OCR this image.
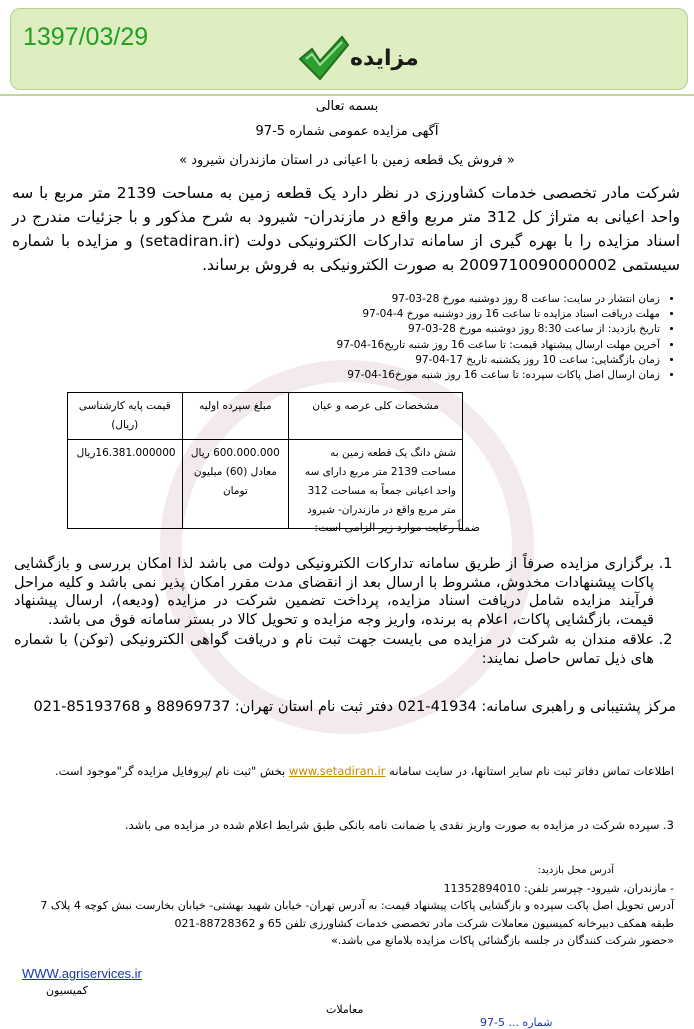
1397/03/29
مزایده
بسمه تعالی
آگهی مزایده عمومی شماره 5-97
« فروش یک قطعه زمین با اعیانی در استان مازندران شیرود »
شرکت مادر تخصصی خدمات کشاورزی در نظر دارد یک قطعه زمین به مساحت 2139 متر مربع با سه واحد اعیانی به متراژ کل 312 متر مربع واقع در مازندران- شیرود به شرح مذکور و با جزئیات مندرج در اسناد مزایده را با بهره گیری از سامانه تدارکات الکترونیکی دولت (setadiran.ir) و مزایده با شماره سیستمی 2009710090000002 به صورت الکترونیکی به فروش برساند.
• زمان انتشار در سایت: ساعت 8 روز دوشنبه مورخ 28-03-97
• مهلت دریافت اسناد مزایده تا ساعت 16 روز دوشنبه مورخ 4-04-97
• تاریخ بازدید: از ساعت 8:30 روز دوشنبه مورخ 28-03-97
• آخرین مهلت ارسال پیشنهاد قیمت: تا ساعت 16 روز شنبه تاریخ16-04-97
• زمان بازگشایی: ساعت 10 روز یکشنبه تاریخ 17-04-97
• زمان ارسال اصل پاکات سپرده: تا ساعت 16 روز شنبه مورخ16-04-97
مشخصات کلی عرصه و عیان	مبلغ سپرده اولیه	قیمت پایه کارشناسی (ریال)
شش دانگ یک قطعه زمین به مساحت 2139 متر مربع دارای سه واحد اعیانی جمعاً به مساحت 312 متر مربع واقع در مازندران- شیرود	600.000.000 ریال معادل (60) میلیون تومان	16.381.000000ریال
ضمناً رعایت موارد زیر الزامی است:
1. برگزاری مزایده صرفاً از طریق سامانه تدارکات الکترونیکی دولت می باشد لذا امکان بررسی و بازگشایی پاکات پیشنهادات مخدوش، مشروط با ارسال بعد از انقضای مدت مقرر امکان پذیر نمی باشد و کلیه مراحل فرآیند مزایده شامل دریافت اسناد مزایده، پرداخت تضمین شرکت در مزایده (ودیعه)، ارسال پیشنهاد قیمت، بازگشایی پاکات، اعلام به برنده، واریز وجه مزایده و تحویل کالا در بستر سامانه فوق می باشد.
2. علاقه مندان به شرکت در مزایده می بایست جهت ثبت نام و دریافت گواهی الکترونیکی (توکن) با شماره های ذیل تماس حاصل نمایند:
مرکز پشتیبانی و راهبری سامانه: 41934-021 دفتر ثبت نام استان تهران: 88969737 و 85193768-021
اطلاعات تماس دفاتر ثبت نام سایر استانها، در سایت سامانه www.setadiran.ir بخش "ثبت نام /پروفایل مزایده گر"موجود است.
3. سپرده شرکت در مزایده به صورت واریز نقدی یا ضمانت نامه بانکی طبق شرایط اعلام شده در مزایده می باشد.
آدرس محل بازدید:
- مازندران، شیرود- چپرسر تلفن: 11352894010
آدرس تحویل اصل پاکت سپرده و بازگشایی پاکات پیشنهاد قیمت: به آدرس تهران- خیابان شهید بهشتی- خیابان بخارست نبش کوچه 4 پلاک 7 طبقه همکف دبیرخانه کمیسیون معاملات شرکت مادر تخصصی خدمات کشاورزی تلفن 65 و 88728362-021
«حضور شرکت کنندگان در جلسه بازگشائی پاکات مزایده بلامانع می باشد.»
WWW.agriservices.ir
کمیسیون
معاملات
شماره ... 5-97
